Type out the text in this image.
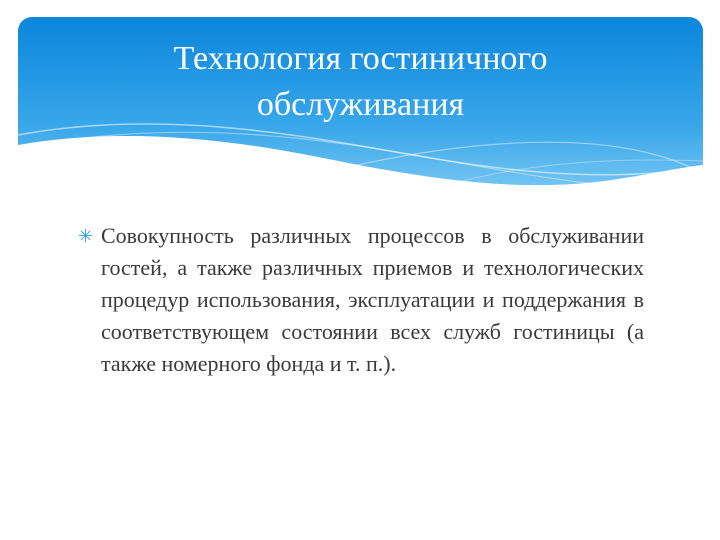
Технология гостиничного
обслуживания

✳ Совокупность различных процессов в обслуживании гостей, а также различных приемов и технологических процедур использования, эксплуатации и поддержания в соответствующем состоянии всех служб гостиницы (а также номерного фонда и т. п.).
